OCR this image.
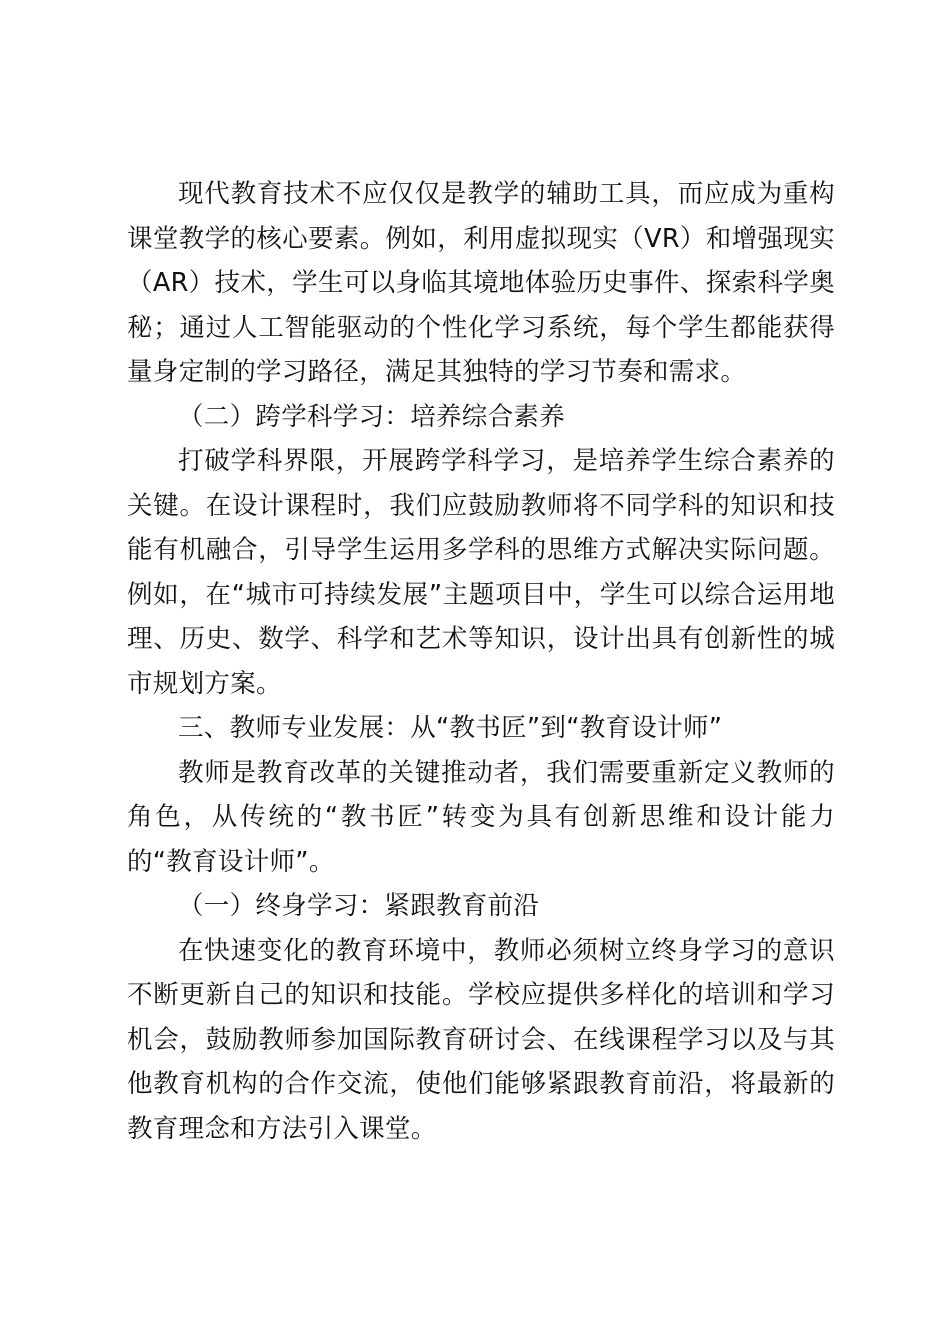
现代教育技术不应仅仅是教学的辅助工具，而应成为重构课堂教学的核心要素。例如，利用虚拟现实（VR）和增强现实（AR）技术，学生可以身临其境地体验历史事件、探索科学奥秘；通过人工智能驱动的个性化学习系统，每个学生都能获得量身定制的学习路径，满足其独特的学习节奏和需求。

（二）跨学科学习：培养综合素养

打破学科界限，开展跨学科学习，是培养学生综合素养的关键。在设计课程时，我们应鼓励教师将不同学科的知识和技能有机融合，引导学生运用多学科的思维方式解决实际问题。例如，在“城市可持续发展”主题项目中，学生可以综合运用地理、历史、数学、科学和艺术等知识，设计出具有创新性的城市规划方案。

三、教师专业发展：从“教书匠”到“教育设计师”

教师是教育改革的关键推动者，我们需要重新定义教师的角色，从传统的“教书匠”转变为具有创新思维和设计能力的“教育设计师”。

（一）终身学习：紧跟教育前沿

在快速变化的教育环境中，教师必须树立终身学习的意识不断更新自己的知识和技能。学校应提供多样化的培训和学习机会，鼓励教师参加国际教育研讨会、在线课程学习以及与其他教育机构的合作交流，使他们能够紧跟教育前沿，将最新的教育理念和方法引入课堂。
